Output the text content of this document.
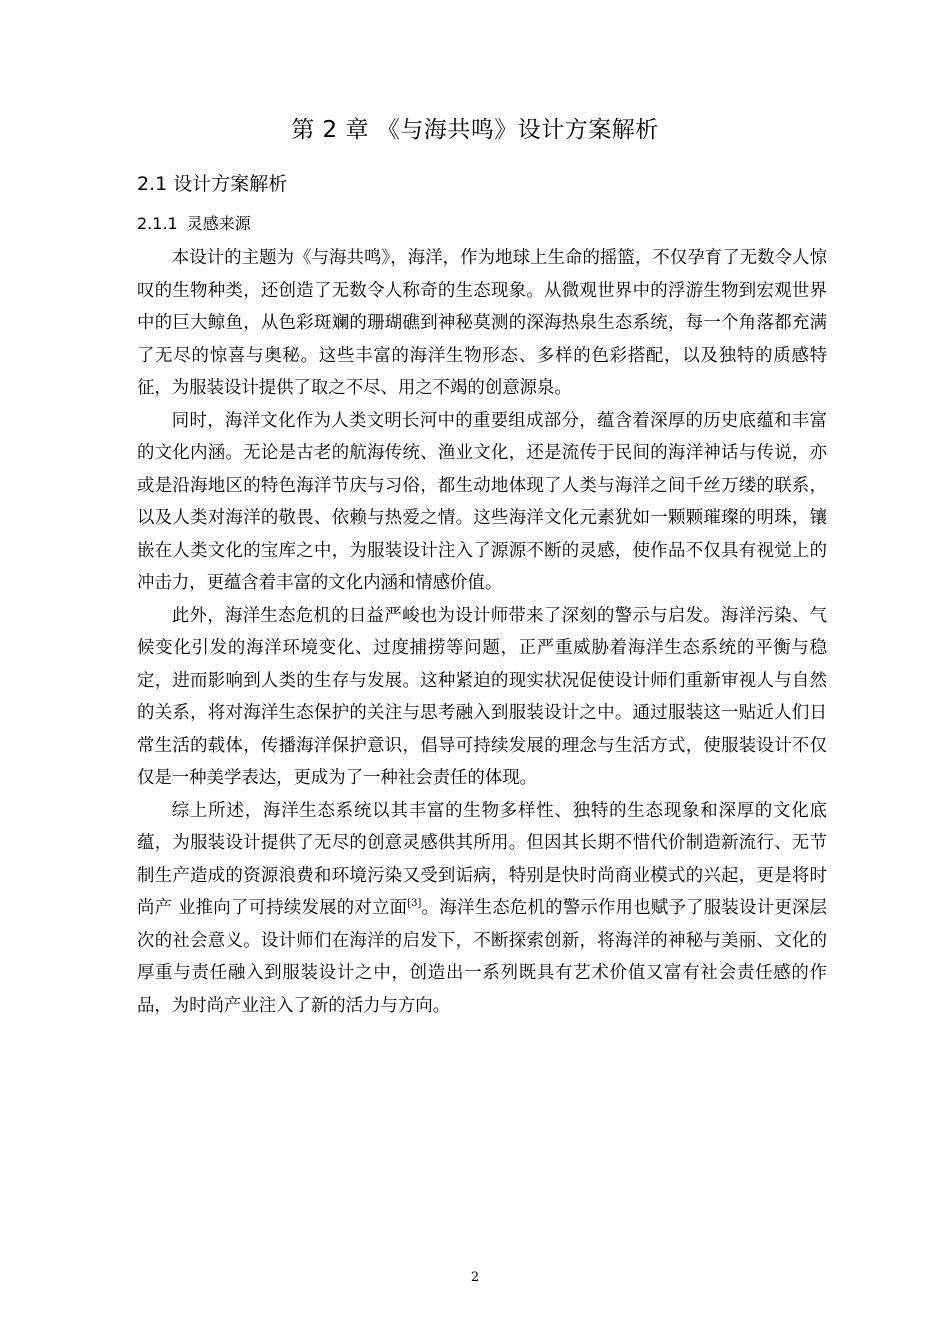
第 2 章 《与海共鸣》设计方案解析
2.1 设计方案解析
2.1.1 灵感来源

本设计的主题为《与海共鸣》，海洋，作为地球上生命的摇篮，不仅孕育了无数令人惊叹的生物种类，还创造了无数令人称奇的生态现象。从微观世界中的浮游生物到宏观世界中的巨大鲸鱼，从色彩斑斓的珊瑚礁到神秘莫测的深海热泉生态系统，每一个角落都充满了无尽的惊喜与奥秘。这些丰富的海洋生物形态、多样的色彩搭配，以及独特的质感特征，为服装设计提供了取之不尽、用之不竭的创意源泉。

同时，海洋文化作为人类文明长河中的重要组成部分，蕴含着深厚的历史底蕴和丰富的文化内涵。无论是古老的航海传统、渔业文化，还是流传于民间的海洋神话与传说，亦或是沿海地区的特色海洋节庆与习俗，都生动地体现了人类与海洋之间千丝万缕的联系，以及人类对海洋的敬畏、依赖与热爱之情。这些海洋文化元素犹如一颗颗璀璨的明珠，镶嵌在人类文化的宝库之中，为服装设计注入了源源不断的灵感，使作品不仅具有视觉上的冲击力，更蕴含着丰富的文化内涵和情感价值。

此外，海洋生态危机的日益严峻也为设计师带来了深刻的警示与启发。海洋污染、气候变化引发的海洋环境变化、过度捕捞等问题，正严重威胁着海洋生态系统的平衡与稳定，进而影响到人类的生存与发展。这种紧迫的现实状况促使设计师们重新审视人与自然的关系，将对海洋生态保护的关注与思考融入到服装设计之中。通过服装这一贴近人们日常生活的载体，传播海洋保护意识，倡导可持续发展的理念与生活方式，使服装设计不仅仅是一种美学表达，更成为了一种社会责任的体现。

综上所述，海洋生态系统以其丰富的生物多样性、独特的生态现象和深厚的文化底蕴，为服装设计提供了无尽的创意灵感供其所用。但因其长期不惜代价制造新流行、无节制生产造成的资源浪费和环境污染又受到诟病，特别是快时尚商业模式的兴起，更是将时尚产 业推向了可持续发展的对立面[3]。海洋生态危机的警示作用也赋予了服装设计更深层次的社会意义。设计师们在海洋的启发下，不断探索创新，将海洋的神秘与美丽、文化的厚重与责任融入到服装设计之中，创造出一系列既具有艺术价值又富有社会责任感的作品，为时尚产业注入了新的活力与方向。

2
